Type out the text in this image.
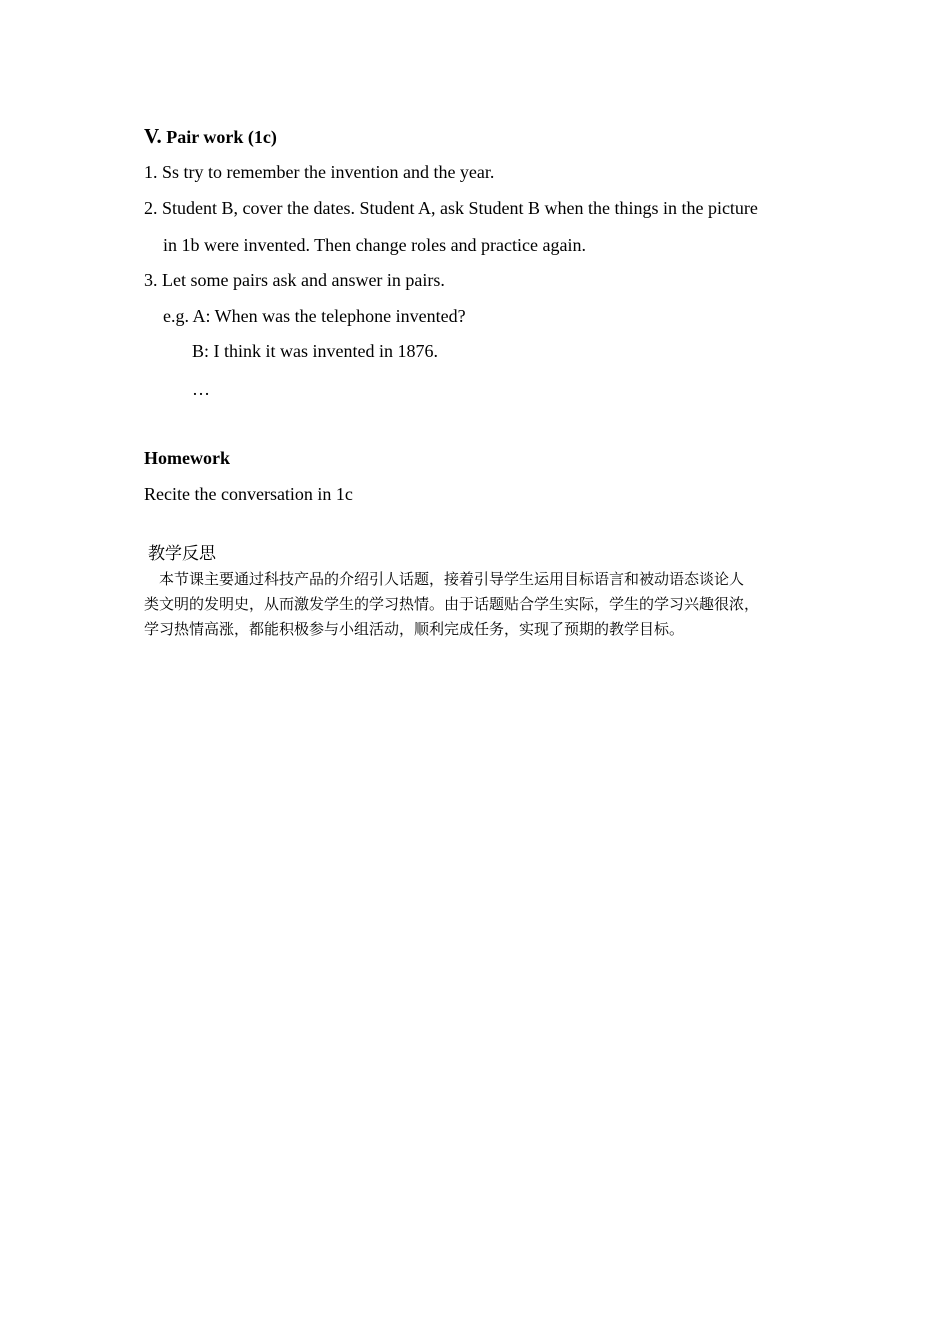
V. Pair work (1c)
1. Ss try to remember the invention and the year.
2. Student B, cover the dates. Student A, ask Student B when the things in the picture
in 1b were invented. Then change roles and practice again.
3. Let some pairs ask and answer in pairs.
e.g. A: When was the telephone invented?
B: I think it was invented in 1876.
…
Homework
Recite the conversation in 1c
教学反思
本节课主要通过科技产品的介绍引人话题，接着引导学生运用目标语言和被动语态谈论人
类文明的发明史，从而激发学生的学习热情。由于话题贴合学生实际，学生的学习兴趣很浓，
学习热情高涨，都能积极参与小组活动，顺利完成任务，实现了预期的教学目标。
